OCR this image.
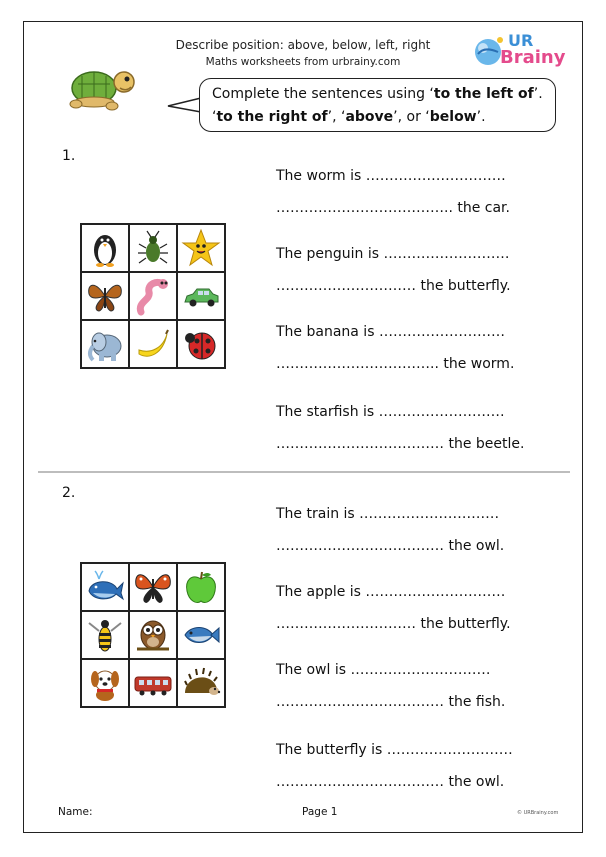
Describe position: above, below, left, right
Maths worksheets from urbrainy.com
UR
Brainy
Complete the sentences using ‘to the left of’. ‘to the right of’, ‘above’, or ‘below’.
1.
The worm is …………………………
……………………………….. the car.
The penguin is ………………………
………………………… the butterfly.
The banana is ………………………
…………………………….. the worm.
The starfish is ………………………
……………………………… the beetle.
2.
The train is …………………………
……………………………… the owl.
The apple is …………………………
………………………… the butterfly.
The owl is …………………………
……………………………… the fish.
The butterfly is ………………………
……………………………… the owl.
Name:	Page 1	© URBrainy.com
